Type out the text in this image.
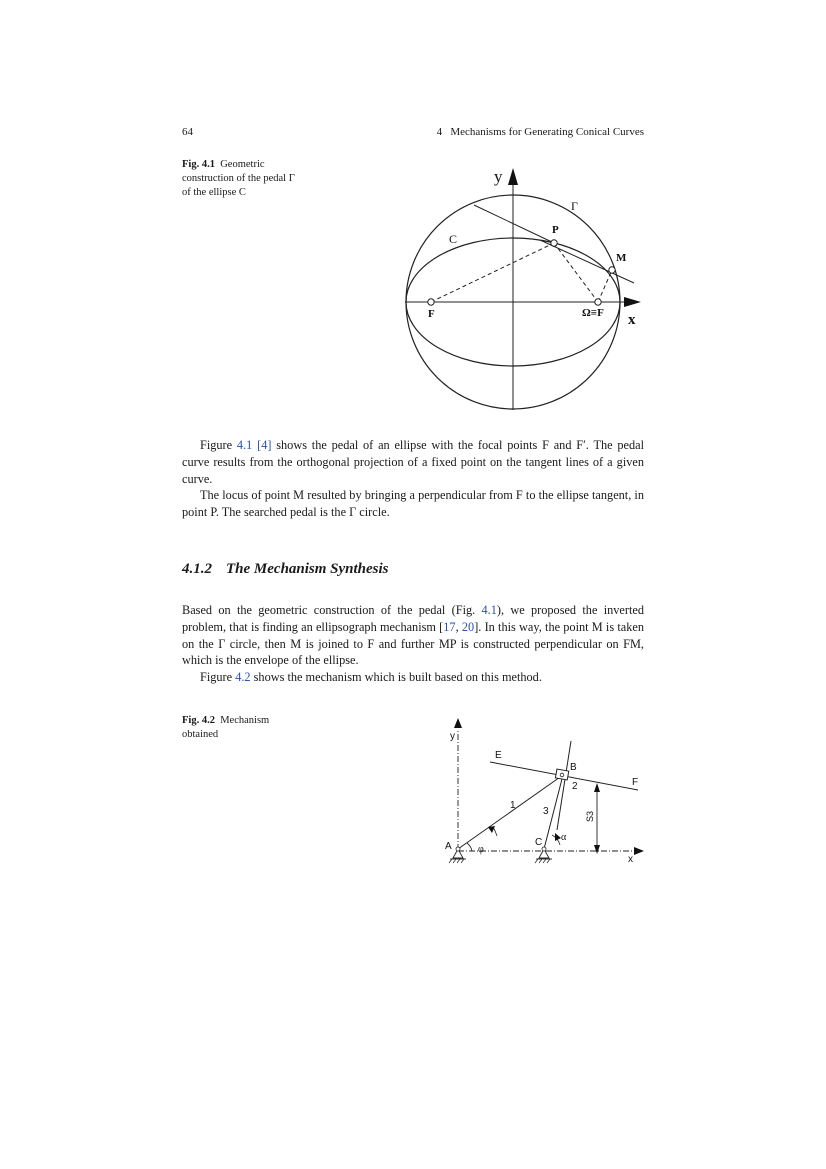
64	4   Mechanisms for Generating Conical Curves
Fig. 4.1 Geometric
construction of the pedal Γ
of the ellipse C
y
x
Γ
C
P
M
F	Ω≡F

Figure 4.1 [4] shows the pedal of an ellipse with the focal points F and F′. The pedal curve results from the orthogonal projection of a fixed point on the tangent lines of a given curve.

The locus of point M resulted by bringing a perpendicular from F to the ellipse tangent, in point P. The searched pedal is the Γ circle.

4.1.2 The Mechanism Synthesis

Based on the geometric construction of the pedal (Fig. 4.1), we proposed the inverted problem, that is finding an ellipsograph mechanism [17, 20]. In this way, the point M is taken on the Γ circle, then M is joined to F and further MP is constructed perpendicular on FM, which is the envelope of the ellipse.

Figure 4.2 shows the mechanism which is built based on this method.

Fig. 4.2 Mechanism
obtained	y
x
E
F
B
A	C
1
2
3
φ
α
S3
